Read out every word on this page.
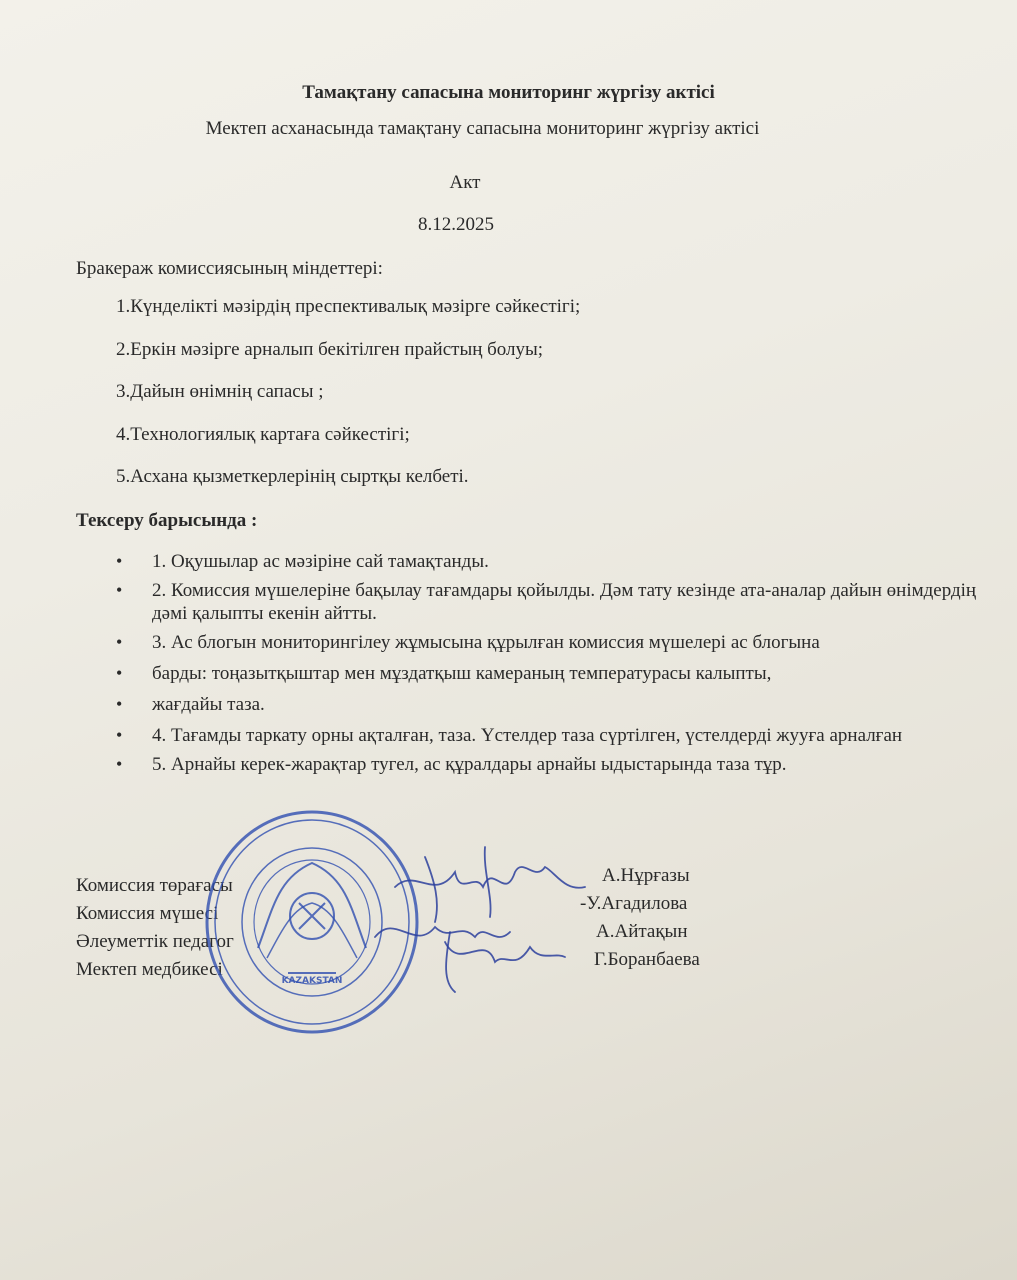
Тамақтану сапасына мониторинг жүргізу актісі
Мектеп асханасында тамақтану сапасына мониторинг жүргізу актісі
Акт
8.12.2025
Бракераж комиссиясының міндеттері:
1.Күнделікті мәзірдің преспективалық мәзірге сәйкестігі;
2.Еркін мәзірге арналып бекітілген прайстың болуы;
3.Дайын өнімнің сапасы ;
4.Технологиялық картаға сәйкестігі;
5.Асхана қызметкерлерінің сыртқы келбеті.
Тексеру барысында :
• 1. Оқушылар ас мәзіріне сай тамақтанды.
• 2. Комиссия мүшелеріне бақылау тағамдары қойылды. Дәм тату кезінде ата-аналар дайын өнімдердің дәмі қалыпты екенін айтты.
• 3. Ас блогын мониторингілеу жұмысына құрылған комиссия мүшелері ас блогына
• барды: тоңазытқыштар мен мұздатқыш камераның температурасы калыпты,
• жағдайы таза.
• 4. Тағамды таркату орны ақталған, таза. Үстелдер таза сүртілген, үстелдерді жууға арналған
• 5. Арнайы керек-жарақтар тугел, ас құралдары арнайы ыдыстарында таза тұр.
Комиссия төрағасы
Комиссия мүшесі
Әлеуметтік педагог
Мектеп медбикесі
А.Нұрғазы
-У.Агадилова
А.Айтақын
Г.Боранбаева
KAZAKSTAN
